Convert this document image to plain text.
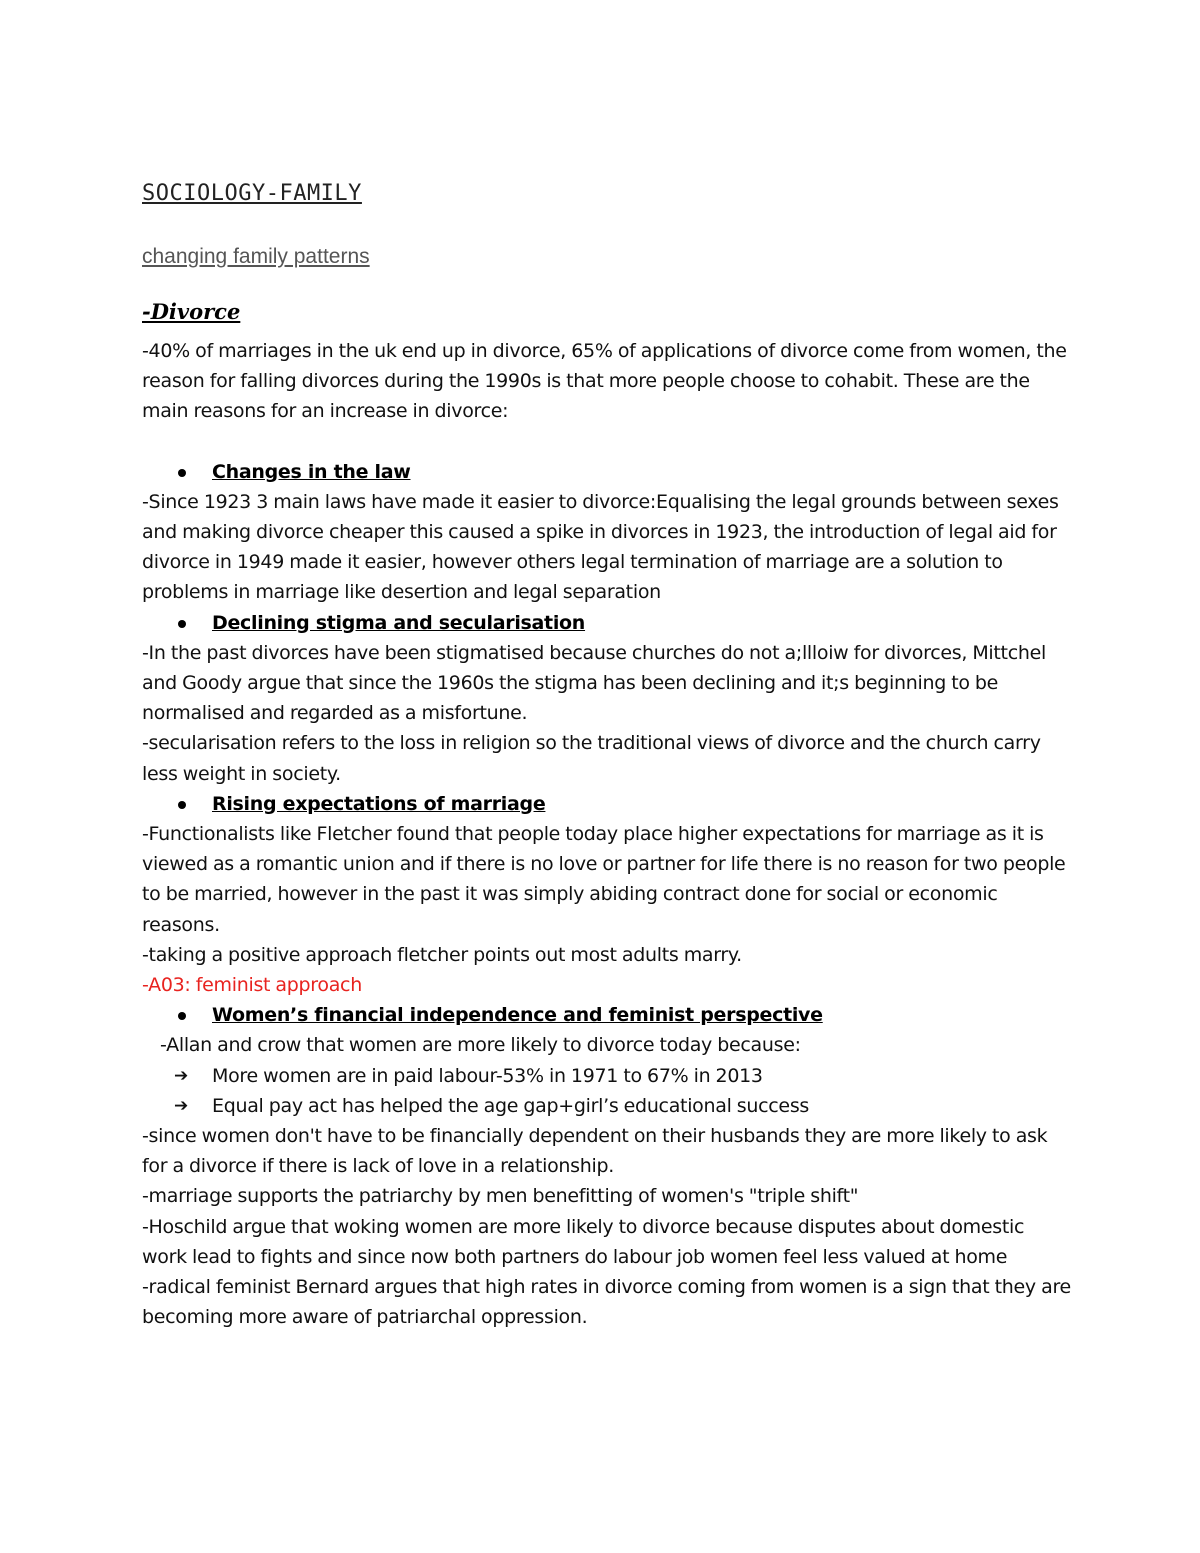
SOCIOLOGY-FAMILY
changing family patterns
-Divorce

-40% of marriages in the uk end up in divorce, 65% of applications of divorce come from women, the reason for falling divorces during the 1990s is that more people choose to cohabit. These are the main reasons for an increase in divorce:

Changes in the law

-Since 1923 3 main laws have made it easier to divorce:Equalising the legal grounds between sexes and making divorce cheaper this caused a spike in divorces in 1923, the introduction of legal aid for divorce in 1949 made it easier, however others legal termination of marriage are a solution to problems in marriage like desertion and legal separation

Declining stigma and secularisation

-In the past divorces have been stigmatised because churches do not a;llloiw for divorces, Mittchel and Goody argue that since the 1960s the stigma has been declining and it;s beginning to be normalised and regarded as a misfortune.

-secularisation refers to the loss in religion so the traditional views of divorce and the church carry less weight in society.

Rising expectations of marriage

-Functionalists like Fletcher found that people today place higher expectations for marriage as it is viewed as a romantic union and if there is no love or partner for life there is no reason for two people to be married, however in the past it was simply abiding contract done for social or economic reasons.

-taking a positive approach fletcher points out most adults marry.

-A03: feminist approach

Women’s financial independence and feminist perspective

-Allan and crow that women are more likely to divorce today because:

➔ More women are in paid labour-53% in 1971 to 67% in 2013
➔ Equal pay act has helped the age gap+girl’s educational success

-since women don't have to be financially dependent on their husbands they are more likely to ask for a divorce if there is lack of love in a relationship.

-marriage supports the patriarchy by men benefitting of women's "triple shift"

-Hoschild argue that woking women are more likely to divorce because disputes about domestic work lead to fights and since now both partners do labour job women feel less valued at home

-radical feminist Bernard argues that high rates in divorce coming from women is a sign that they are becoming more aware of patriarchal oppression.
